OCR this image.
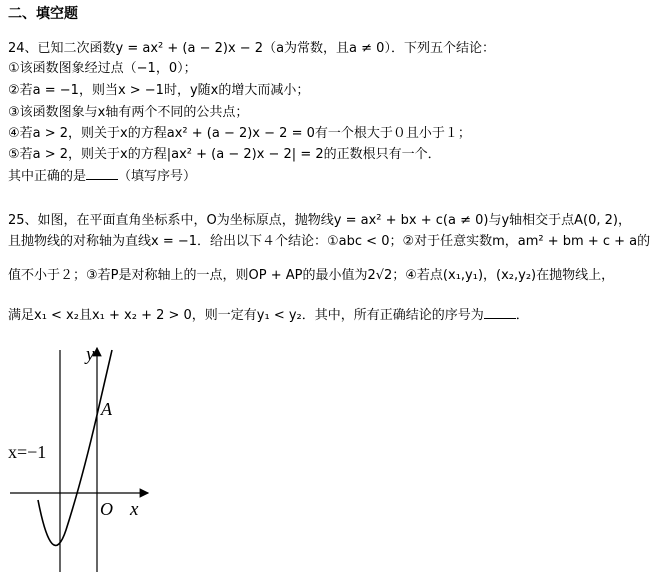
二、填空题
24、已知二次函数y = ax² + (a − 2)x − 2（a为常数，且a ≠ 0）．下列五个结论：
①该函数图象经过点（−1，0）；
②若a = −1，则当x > −1时，y随x的增大而减小；
③该函数图象与x轴有两个不同的公共点；
④若a > 2，则关于x的方程ax² + (a − 2)x − 2 = 0有一个根大于０且小于１；
⑤若a > 2，则关于x的方程|ax² + (a − 2)x − 2| = 2的正数根只有一个．
其中正确的是 （填写序号）
25、如图，在平面直角坐标系中，O为坐标原点，抛物线y = ax² + bx + c(a ≠ 0)与y轴相交于点A(0, 2)，
且抛物线的对称轴为直线x = −1．给出以下４个结论：①abc < 0；②对于任意实数m，am² + bm + c + a的
值不小于２；③若P是对称轴上的一点，则OP + AP的最小值为2√2；④若点(x₁,y₁)，(x₂,y₂)在抛物线上，
满足x₁ < x₂且x₁ + x₂ + 2 > 0，则一定有y₁ < y₂．其中，所有正确结论的序号为 ．
y
x
O
A
x=−1
